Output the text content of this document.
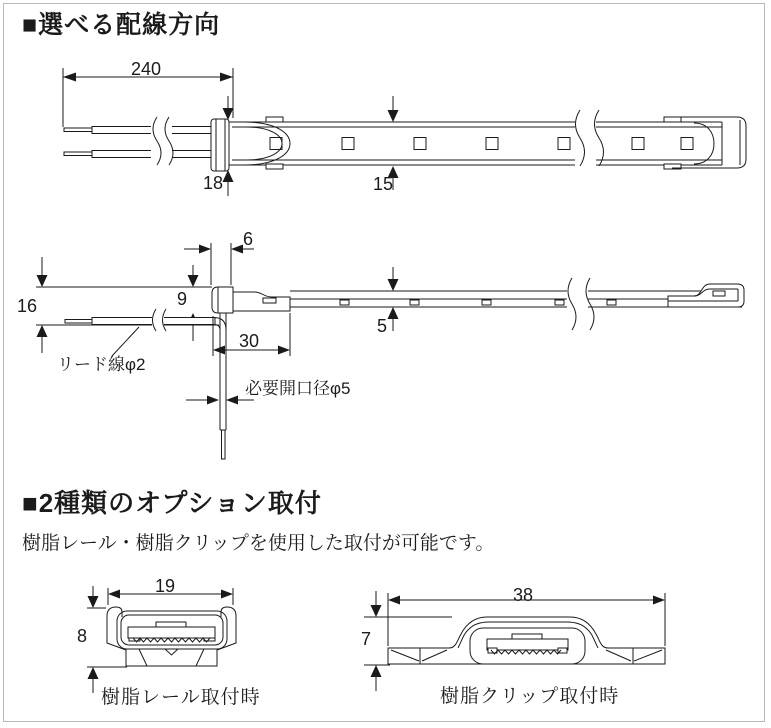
■選べる配線方向
240
18	15
6
9
16
5
30
リード線φ2
必要開口径φ5
■2種類のオプション取付
樹脂レール・樹脂クリップを使用した取付が可能です。
19
8
樹脂レール取付時
38
7
樹脂クリップ取付時
